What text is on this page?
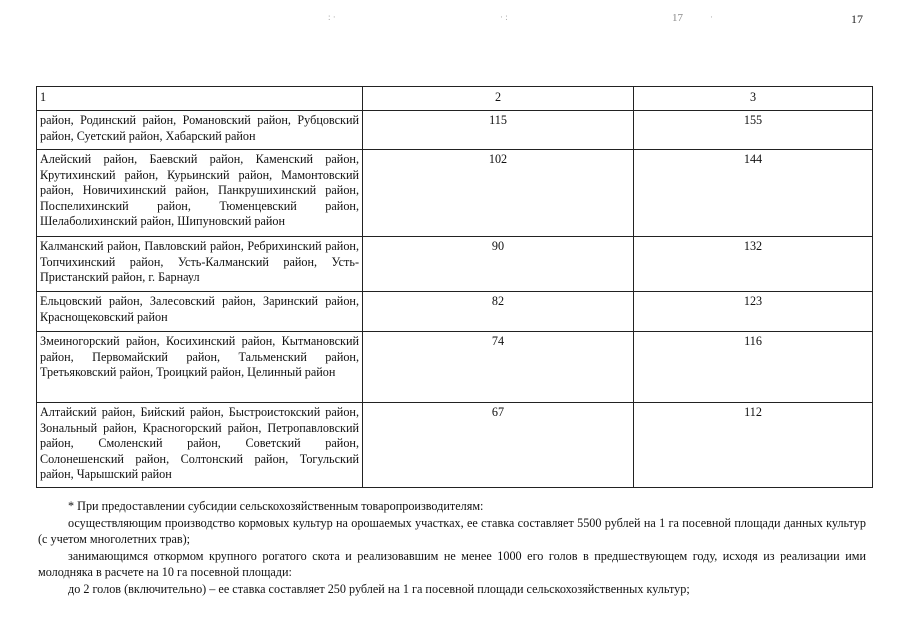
: ·	· :	·
17	17
1	2	3
район, Родинский район, Романовский район, Рубцовский район, Суетский район, Хабарский район	115	155
Алейский район, Баевский район, Каменский район, Крутихинский район, Курьинский район, Мамонтовский район, Новичихинский район, Панкрушихинский район, Поспелихинский район, Тюменцевский район, Шелаболихинский район, Шипуновский район	102	144
Калманский район, Павловский район, Ребрихинский район, Топчихинский район, Усть-Калманский район, Усть-Пристанский район, г. Барнаул	90	132
Ельцовский район, Залесовский район, Заринский район, Краснощековский район	82	123
Змеиногорский район, Косихинский район, Кытмановский район, Первомайский район, Тальменский район, Третьяковский район, Троицкий район, Целинный район	74	116
Алтайский район, Бийский район, Быстроистокский район, Зональный район, Красногорский район, Петропавловский район, Смоленский район, Советский район, Солонешенский район, Солтонский район, Тогульский район, Чарышский район	67	112

* При предоставлении субсидии сельскохозяйственным товаропроизводителям:

осуществляющим производство кормовых культур на орошаемых участках, ее ставка составляет 5500 рублей на 1 га посевной площади данных культур (с учетом многолетних трав);

занимающимся откормом крупного рогатого скота и реализовавшим не менее 1000 его голов в предшествующем году, исходя из реализации ими молодняка в расчете на 10 га посевной площади:

до 2 голов (включительно) – ее ставка составляет 250 рублей на 1 га посевной площади сельскохозяйственных культур;
